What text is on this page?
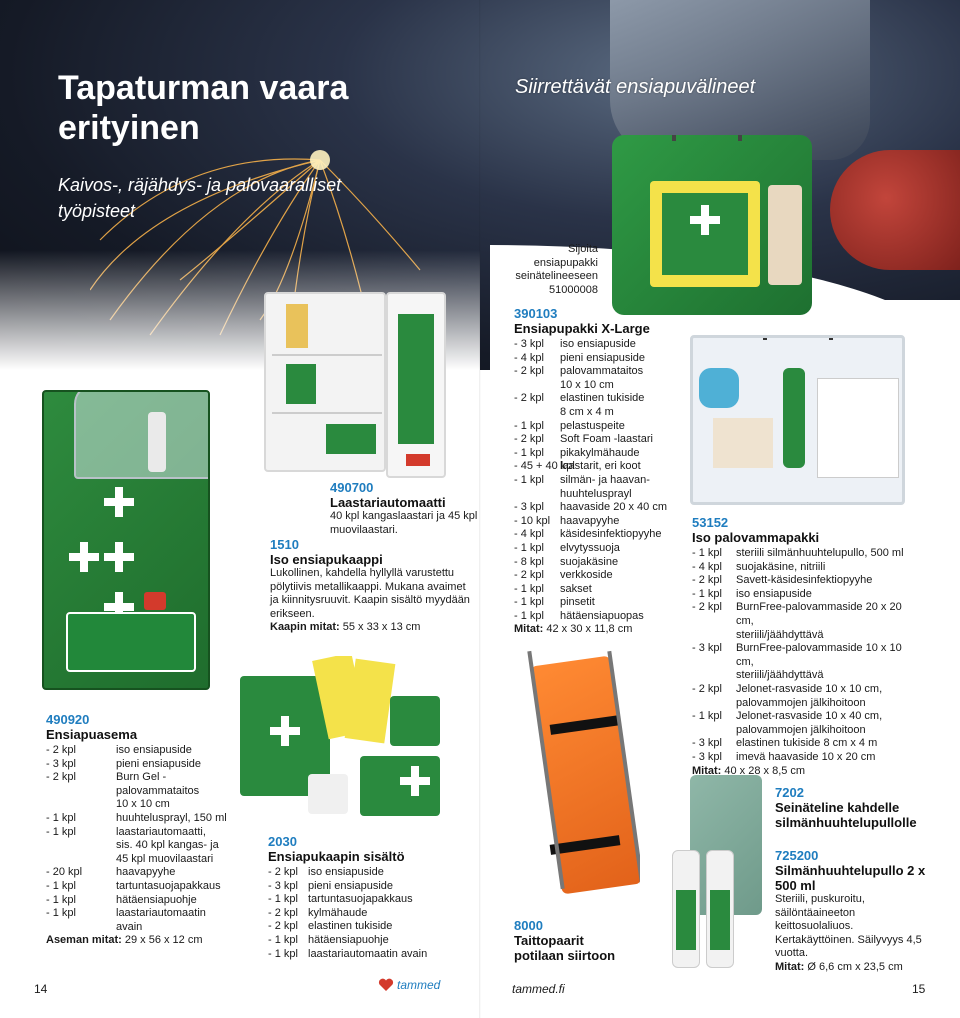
Tapaturman vaara erityinen
Kaivos-, räjähdys- ja palovaaralliset työpisteet
Siirrettävät ensiapuvälineet
490700
Laastariautomaatti
40 kpl kangaslaastari ja 45 kpl muovilaastari.
1510
Iso ensiapukaappi
Lukollinen, kahdella hyllyllä varustettu pölytiivis metallikaappi. Mukana avaimet ja kiinnitysruuvit. Kaapin sisältö myydään erikseen.
Kaapin mitat: 55 x 33 x 13 cm
490920
Ensiapuasema
- 2 kpl	iso ensiapuside
- 3 kpl	pieni ensiapuside
- 2 kpl	Burn Gel -palovammataitos
10 x 10 cm
- 1 kpl	huuhtelusprayl, 150 ml
- 1 kpl	laastariautomaatti,
sis. 40 kpl kangas- ja
45 kpl muovilaastari
- 20 kpl	haavapyyhe
- 1 kpl	tartuntasuojapakkaus
- 1 kpl	hätäensiapuohje
- 1 kpl	laastariautomaatin
avain
Aseman mitat: 29 x 56 x 12 cm
2030
Ensiapukaapin sisältö
- 2 kpl iso ensiapuside
- 3 kpl pieni ensiapuside
- 1 kpl tartuntasuojapakkaus
- 2 kpl kylmähaude
- 2 kpl elastinen tukiside
- 1 kpl hätäensiapuohje
- 1 kpl laastariautomaatin avain
14	tammed
Sijoita
ensiapupakki
seinätelineeseen
51000008
390103
Ensiapupakki X-Large
- 3 kpl	iso ensiapuside
- 4 kpl	pieni ensiapuside
- 2 kpl	palovammataitos
10 x 10 cm
- 2 kpl	elastinen tukiside
8 cm x 4 m
- 1 kpl	pelastuspeite
- 2 kpl	Soft Foam -laastari
- 1 kpl	pikakylmähaude
- 45 + 40 kpl
laastarit, eri koot
- 1 kpl	silmän- ja haavan-
huuhtelusprayl
- 3 kpl	haavaside 20 x 40 cm
- 10 kpl haavapyyhe
- 4 kpl	käsidesinfektiopyyhe
- 1 kpl	elvytyssuoja
- 8 kpl	suojakäsine
- 2 kpl	verkkoside
- 1 kpl	sakset
- 1 kpl	pinsetit
- 1 kpl	hätäensiapuopas
Mitat: 42 x 30 x 11,8 cm
53152
Iso palovammapakki
- 1 kpl	steriili silmänhuuhtelupullo, 500 ml
- 4 kpl	suojakäsine, nitriili
- 2 kpl	Savett-käsidesinfektiopyyhe
- 1 kpl	iso ensiapuside
- 2 kpl	BurnFree-palovammaside 20 x 20 cm,
steriili/jäähdyttävä
- 3 kpl	BurnFree-palovammaside 10 x 10 cm,
steriili/jäähdyttävä
- 2 kpl	Jelonet-rasvaside 10 x 10 cm,
palovammojen jälkihoitoon
- 1 kpl	Jelonet-rasvaside 10 x 40 cm,
palovammojen jälkihoitoon
- 3 kpl	elastinen tukiside 8 cm x 4 m
- 3 kpl	imevä haavaside 10 x 20 cm
Mitat: 40 x 28 x 8,5 cm
7202
Seinäteline kahdelle silmänhuuhtelupullolle
725200
Silmänhuuhtelupullo 2 x 500 ml
Steriili, puskuroitu, säilöntäaineeton keittosuolaliuos. Kertakäyttöinen. Säilyvyys 4,5 vuotta.
Mitat: Ø 6,6 cm x 23,5 cm
8000
Taittopaarit potilaan siirtoon
tammed.fi	15
